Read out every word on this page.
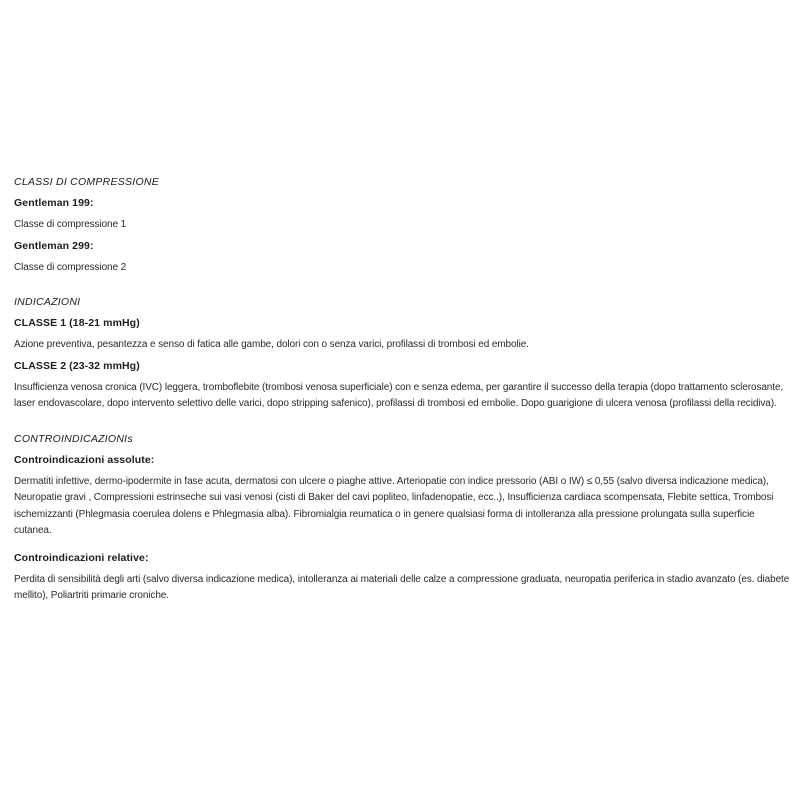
CLASSI DI COMPRESSIONE

Gentleman 199:

Classe di compressione 1

Gentleman 299:

Classe di compressione 2

INDICAZIONI

CLASSE 1 (18-21 mmHg)

Azione preventiva, pesantezza e senso di fatica alle gambe, dolori con o senza varici, profilassi di trombosi ed embolie.

CLASSE 2 (23-32 mmHg)

Insufficienza venosa cronica (IVC) leggera, tromboflebite (trombosi venosa superficiale) con e senza edema, per garantire il successo della terapia (dopo trattamento sclerosante, laser endovascolare, dopo intervento selettivo delle varici, dopo stripping safenico), profilassi di trombosi ed embolie. Dopo guarigione di ulcera venosa (profilassi della recidiva).

CONTROINDICAZIONIs

Controindicazioni assolute:

Dermatiti infettive, dermo-ipodermite in fase acuta, dermatosi con ulcere o piaghe attive. Arteriopatie con indice pressorio (ABI o IW) ≤ 0,55 (salvo diversa indicazione medica), Neuropatie gravi , Compressioni estrinseche sui vasi venosi (cisti di Baker del cavi popliteo, linfadenopatie, ecc..), Insufficienza cardiaca scompensata, Flebite settica, Trombosi ischemizzanti (Phlegmasia coerulea dolens e Phlegmasia alba). Fibromialgia reumatica o in genere qualsiasi forma di intolleranza alla pressione prolungata sulla superficie cutanea.

Controindicazioni relative:

Perdita di sensibilità degli arti (salvo diversa indicazione medica), intolleranza ai materiali delle calze a compressione graduata, neuropatia periferica in stadio avanzato (es. diabete mellito), Poliartriti primarie croniche.
